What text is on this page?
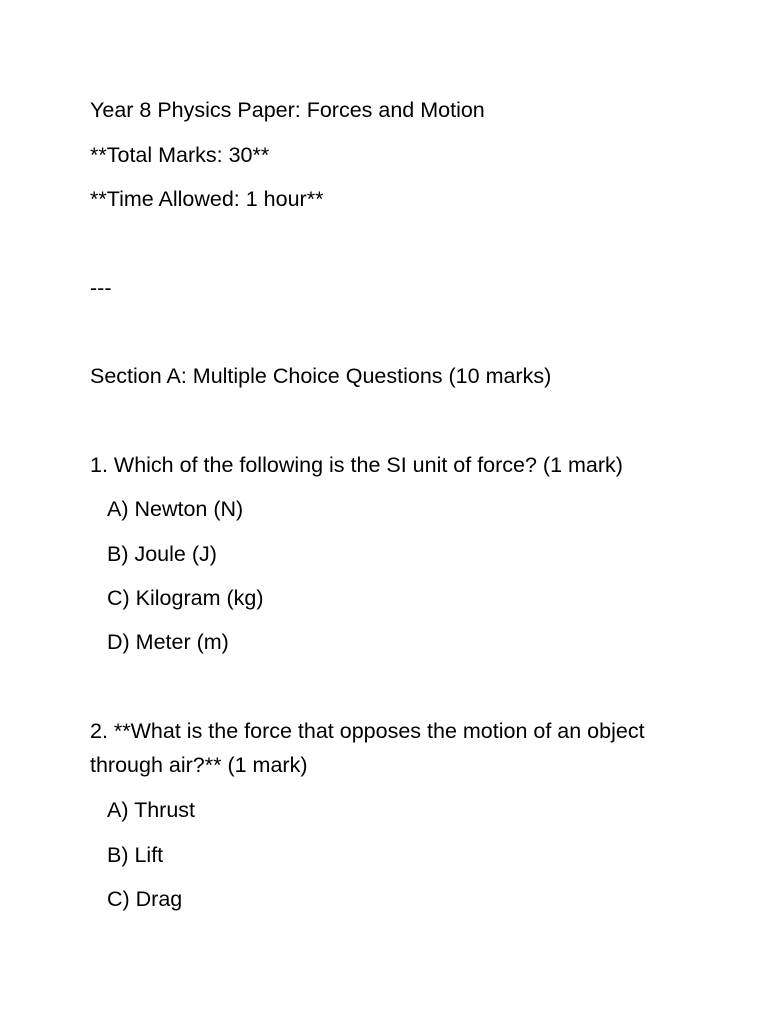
Year 8 Physics Paper: Forces and Motion
**Total Marks: 30**
**Time Allowed: 1 hour**
---
Section A: Multiple Choice Questions (10 marks)
1. Which of the following is the SI unit of force? (1 mark)
A) Newton (N)
B) Joule (J)
C) Kilogram (kg)
D) Meter (m)
2. **What is the force that opposes the motion of an object through air?** (1 mark)
A) Thrust
B) Lift
C) Drag
